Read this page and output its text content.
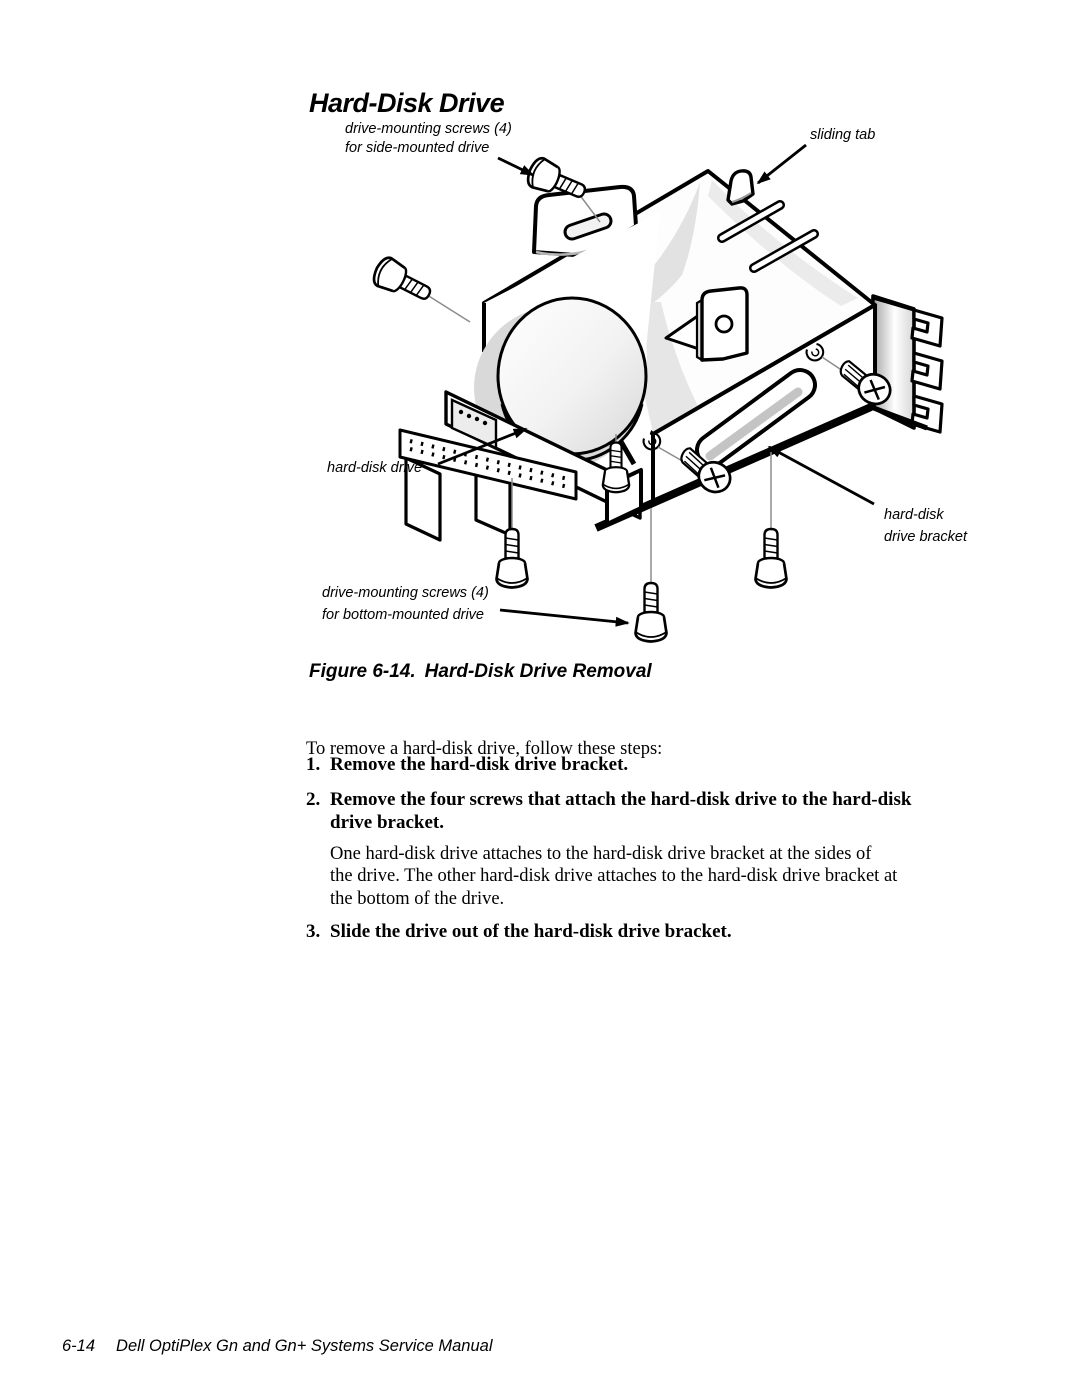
Hard-Disk Drive
drive-mounting screws (4)
for side-mounted drive
sliding tab
hard-disk drive
hard-disk
drive bracket
drive-mounting screws (4)
for bottom-mounted drive
Figure 6-14. Hard-Disk Drive Removal

To remove a hard-disk drive, follow these steps:

1. Remove the hard-disk drive bracket.
2. Remove the four screws that attach the hard-disk drive to the hard-disk
drive bracket.
One hard-disk drive attaches to the hard-disk drive bracket at the sides of
the drive. The other hard-disk drive attaches to the hard-disk drive bracket at
the bottom of the drive.
3. Slide the drive out of the hard-disk drive bracket.
6-14 Dell OptiPlex Gn and Gn+ Systems Service Manual
